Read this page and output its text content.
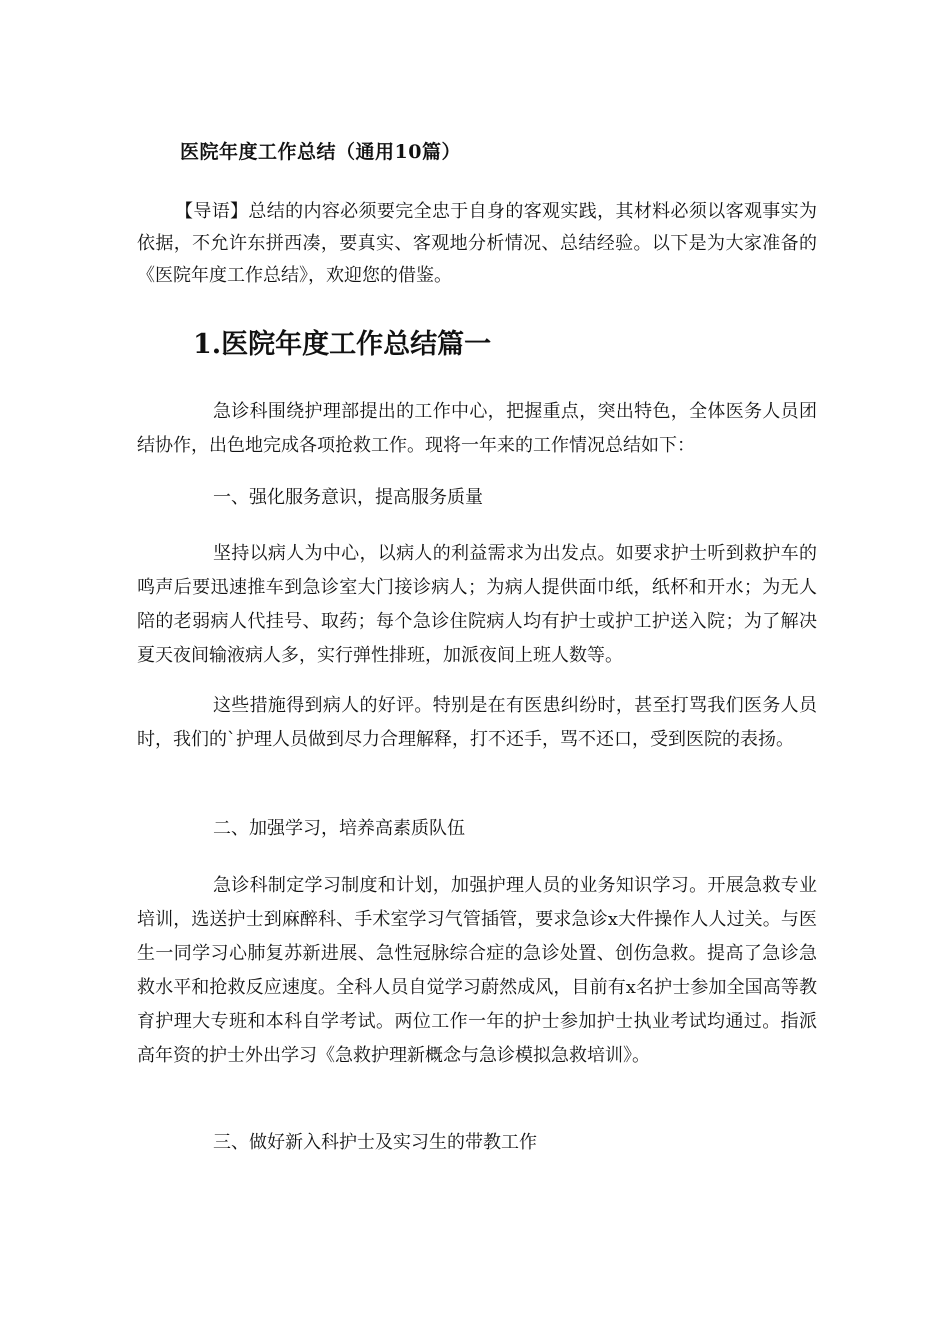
医院年度工作总结（通用10篇）
【导语】总结的内容必须要完全忠于自身的客观实践，其材料必须以客观事实为依据，不允许东拼西凑，要真实、客观地分析情况、总结经验。以下是为大家准备的《医院年度工作总结》，欢迎您的借鉴。
1.医院年度工作总结篇一
急诊科围绕护理部提出的工作中心，把握重点，突出特色，全体医务人员团结协作，出色地完成各项抢救工作。现将一年来的工作情况总结如下：
一、强化服务意识，提高服务质量
坚持以病人为中心，以病人的利益需求为出发点。如要求护士听到救护车的鸣声后要迅速推车到急诊室大门接诊病人；为病人提供面巾纸，纸杯和开水；为无人陪的老弱病人代挂号、取药；每个急诊住院病人均有护士或护工护送入院；为了解决夏天夜间输液病人多，实行弹性排班，加派夜间上班人数等。
这些措施得到病人的好评。特别是在有医患纠纷时，甚至打骂我们医务人员时，我们的`护理人员做到尽力合理解释，打不还手，骂不还口，受到医院的表扬。
二、加强学习，培养高素质队伍
急诊科制定学习制度和计划，加强护理人员的业务知识学习。开展急救专业培训，选送护士到麻醉科、手术室学习气管插管，要求急诊x大件操作人人过关。与医生一同学习心肺复苏新进展、急性冠脉综合症的急诊处置、创伤急救。提高了急诊急救水平和抢救反应速度。全科人员自觉学习蔚然成风，目前有x名护士参加全国高等教育护理大专班和本科自学考试。两位工作一年的护士参加护士执业考试均通过。指派高年资的护士外出学习《急救护理新概念与急诊模拟急救培训》。
三、做好新入科护士及实习生的带教工作
